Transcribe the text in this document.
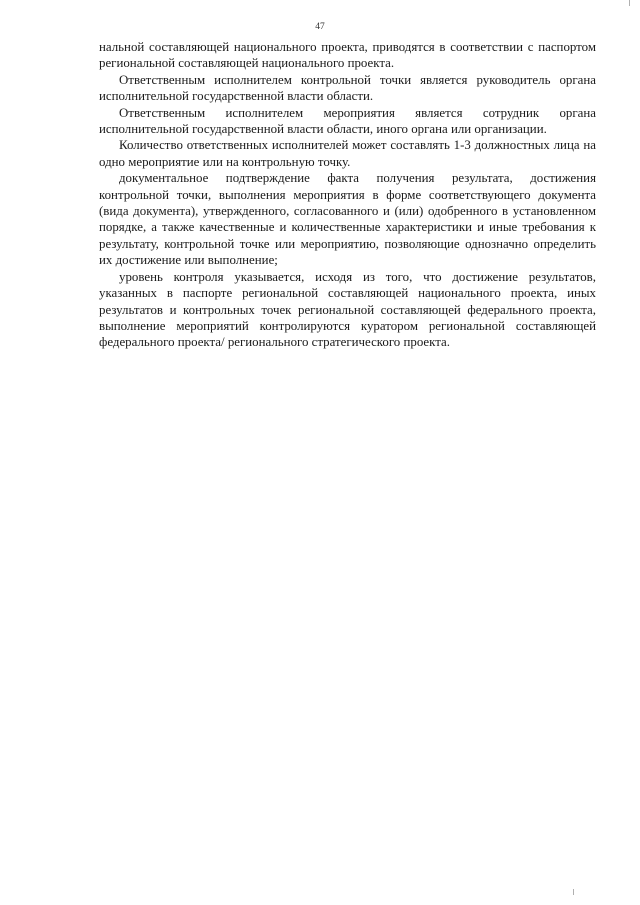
47

нальной составляющей национального проекта, приводятся в соответствии с паспортом региональной составляющей национального проекта.

Ответственным исполнителем контрольной точки является руководитель органа исполнительной государственной власти области.

Ответственным исполнителем мероприятия является сотрудник органа исполнительной государственной власти области, иного органа или организации.

Количество ответственных исполнителей может составлять 1-3 должностных лица на одно мероприятие или на контрольную точку.

документальное подтверждение факта получения результата, достижения контрольной точки, выполнения мероприятия в форме соответствующего документа (вида документа), утвержденного, согласованного и (или) одобренного в установленном порядке, а также качественные и количественные характеристики и иные требования к результату, контрольной точке или мероприятию, позволяющие однозначно определить их достижение или выполнение;

уровень контроля указывается, исходя из того, что достижение результатов, указанных в паспорте региональной составляющей национального проекта, иных результатов и контрольных точек региональной составляющей федерального проекта, выполнение мероприятий контролируются куратором региональной составляющей федерального проекта/ регионального стратегического проекта.
